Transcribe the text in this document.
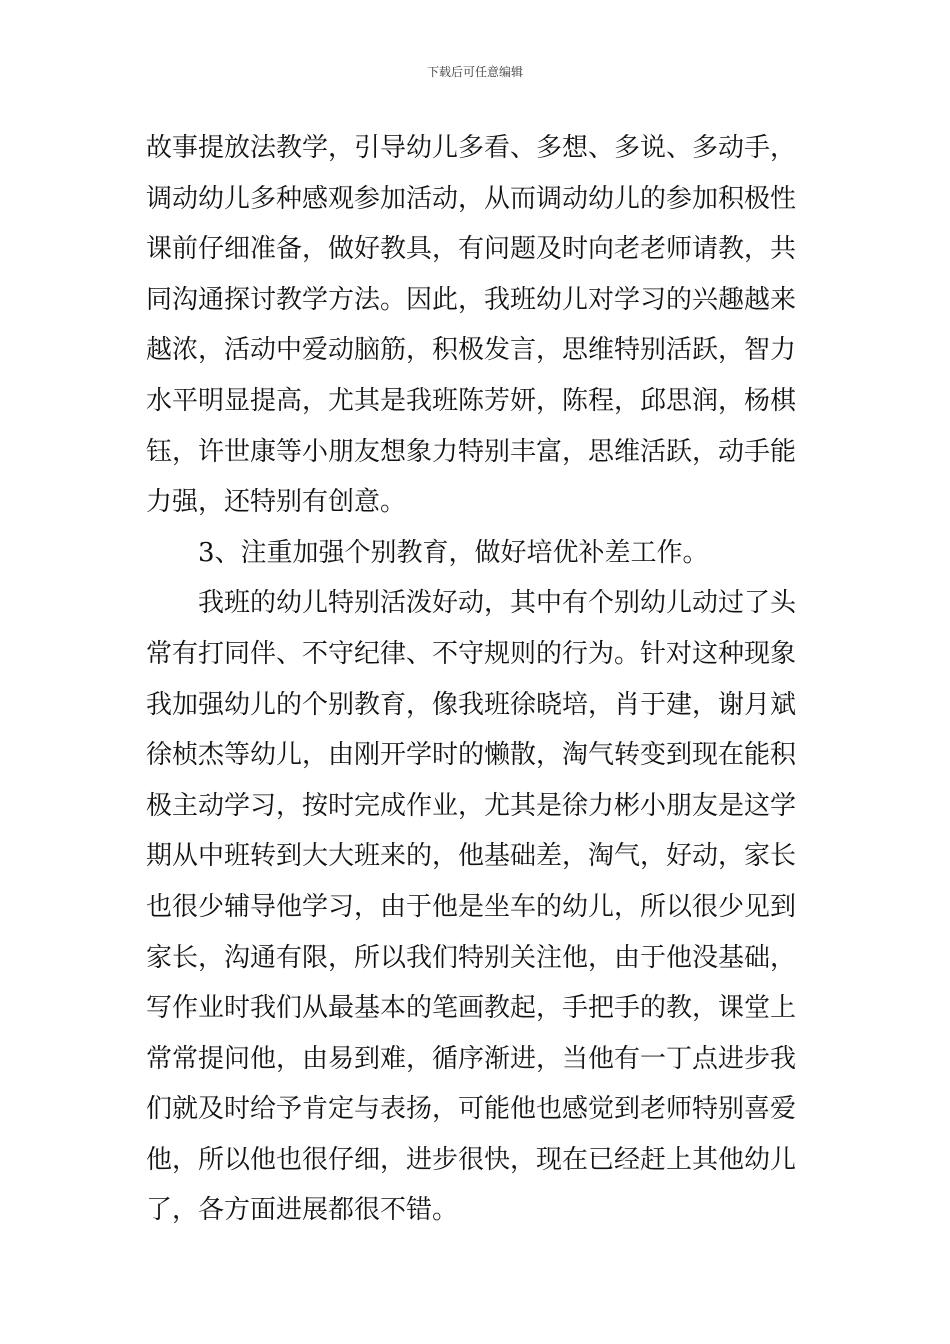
下载后可任意编辑
故事提放法教学，引导幼儿多看、多想、多说、多动手，
调动幼儿多种感观参加活动，从而调动幼儿的参加积极性
课前仔细准备，做好教具，有问题及时向老老师请教，共
同沟通探讨教学方法。因此，我班幼儿对学习的兴趣越来
越浓，活动中爱动脑筋，积极发言，思维特别活跃，智力
水平明显提高，尤其是我班陈芳妍，陈程，邱思润，杨棋
钰，许世康等小朋友想象力特别丰富，思维活跃，动手能
力强，还特别有创意。
3、注重加强个别教育，做好培优补差工作。
我班的幼儿特别活泼好动，其中有个别幼儿动过了头
常有打同伴、不守纪律、不守规则的行为。针对这种现象
我加强幼儿的个别教育，像我班徐晓培，肖于建，谢月斌
徐桢杰等幼儿，由刚开学时的懒散，淘气转变到现在能积
极主动学习，按时完成作业，尤其是徐力彬小朋友是这学
期从中班转到大大班来的，他基础差，淘气，好动，家长
也很少辅导他学习，由于他是坐车的幼儿，所以很少见到
家长，沟通有限，所以我们特别关注他，由于他没基础，
写作业时我们从最基本的笔画教起，手把手的教，课堂上
常常提问他，由易到难，循序渐进，当他有一丁点进步我
们就及时给予肯定与表扬，可能他也感觉到老师特别喜爱
他，所以他也很仔细，进步很快，现在已经赶上其他幼儿
了，各方面进展都很不错。
